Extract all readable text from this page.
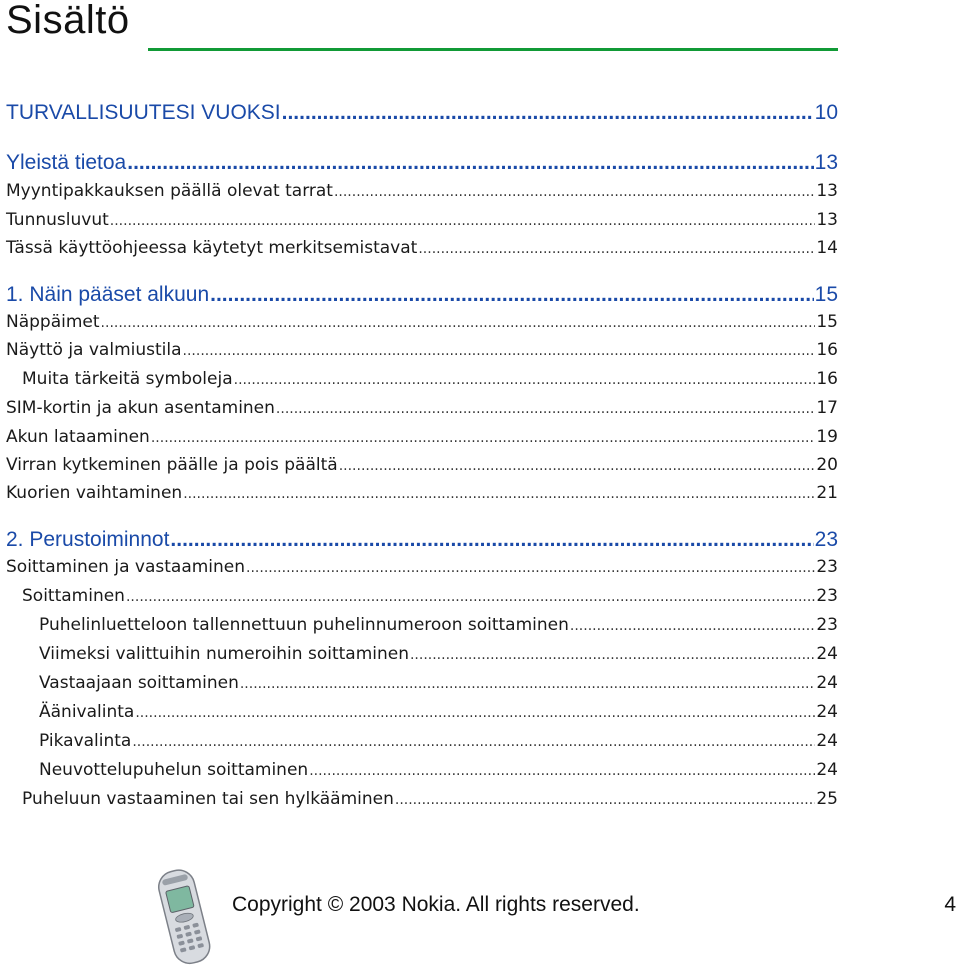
Sisältö
TURVALLISUUTESI VUOKSI .....	10
Yleistä tietoa .....	13
Myyntipakkauksen päällä olevat tarrat .....	13
Tunnusluvut .....	13
Tässä käyttöohjeessa käytetyt merkitsemistavat .....	14
1. Näin pääset alkuun .....	15
Näppäimet .....	15
Näyttö ja valmiustila .....	16
Muita tärkeitä symboleja .....	16
SIM-kortin ja akun asentaminen .....	17
Akun lataaminen .....	19
Virran kytkeminen päälle ja pois päältä .....	20
Kuorien vaihtaminen .....	21
2. Perustoiminnot .....	23
Soittaminen ja vastaaminen .....	23
Soittaminen .....	23
Puhelinluetteloon tallennettuun puhelinnumeroon soittaminen .....	23
Viimeksi valittuihin numeroihin soittaminen .....	24
Vastaajaan soittaminen .....	24
Äänivalinta .....	24
Pikavalinta .....	24
Neuvottelupuhelun soittaminen .....	24
Puheluun vastaaminen tai sen hylkääminen .....	25
Copyright © 2003 Nokia. All rights reserved.	4
